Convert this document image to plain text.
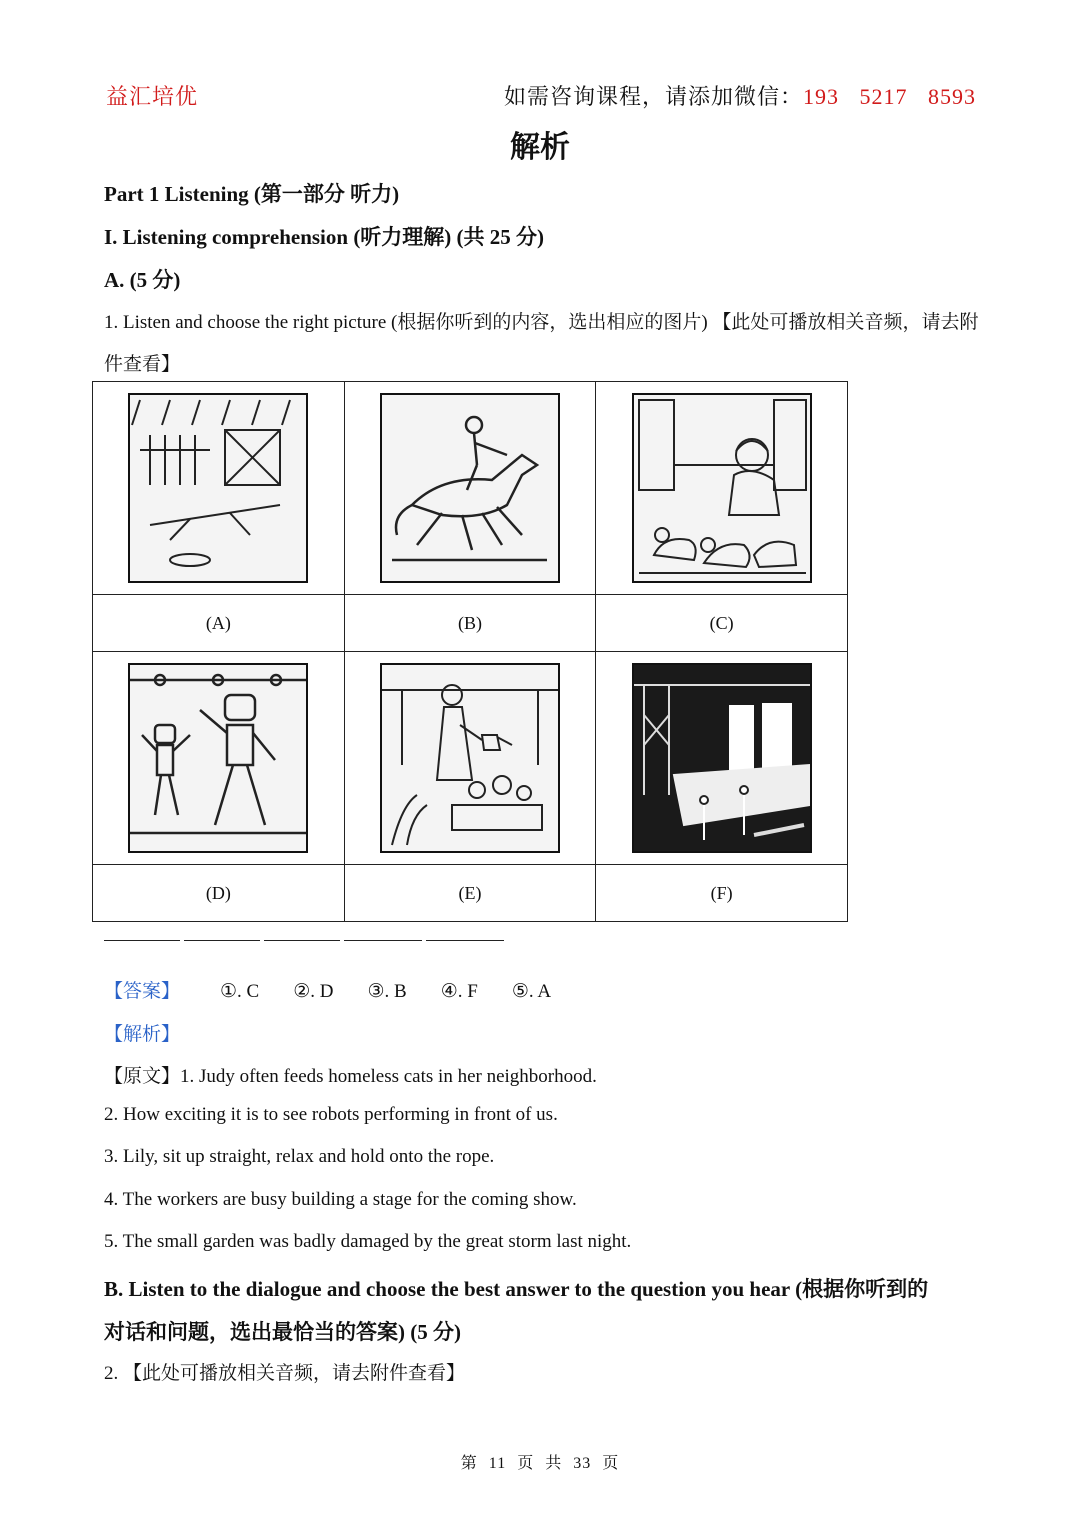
益汇培优	如需咨询课程，请添加微信：193 5217 8593
解析
Part 1 Listening (第一部分 听力)
I. Listening comprehension (听力理解) (共 25 分)
A. (5 分)
1. Listen and choose the right picture (根据你听到的内容，选出相应的图片) 【此处可播放相关音频，请去附
件查看】

(A)	(B)	(C)

(D)	(E)	(F)
【答案】 ①. C ②. D ③. B ④. F ⑤. A
【解析】
【原文】1. Judy often feeds homeless cats in her neighborhood.
2. How exciting it is to see robots performing in front of us.
3. Lily, sit up straight, relax and hold onto the rope.
4. The workers are busy building a stage for the coming show.
5. The small garden was badly damaged by the great storm last night.
B. Listen to the dialogue and choose the best answer to the question you hear (根据你听到的
对话和问题，选出最恰当的答案) (5 分)
2. 【此处可播放相关音频，请去附件查看】
第 11 页 共 33 页
